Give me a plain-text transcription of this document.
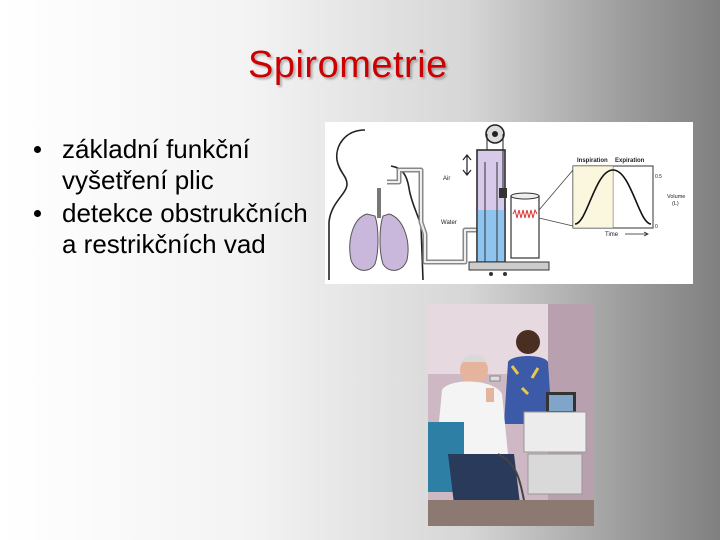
Spirometrie
základní funkční vyšetření plic
detekce obstrukčních a restrikčních vad
Air
Water
Inspiration Expiration
Time
0.5
0
Volume
(L)
